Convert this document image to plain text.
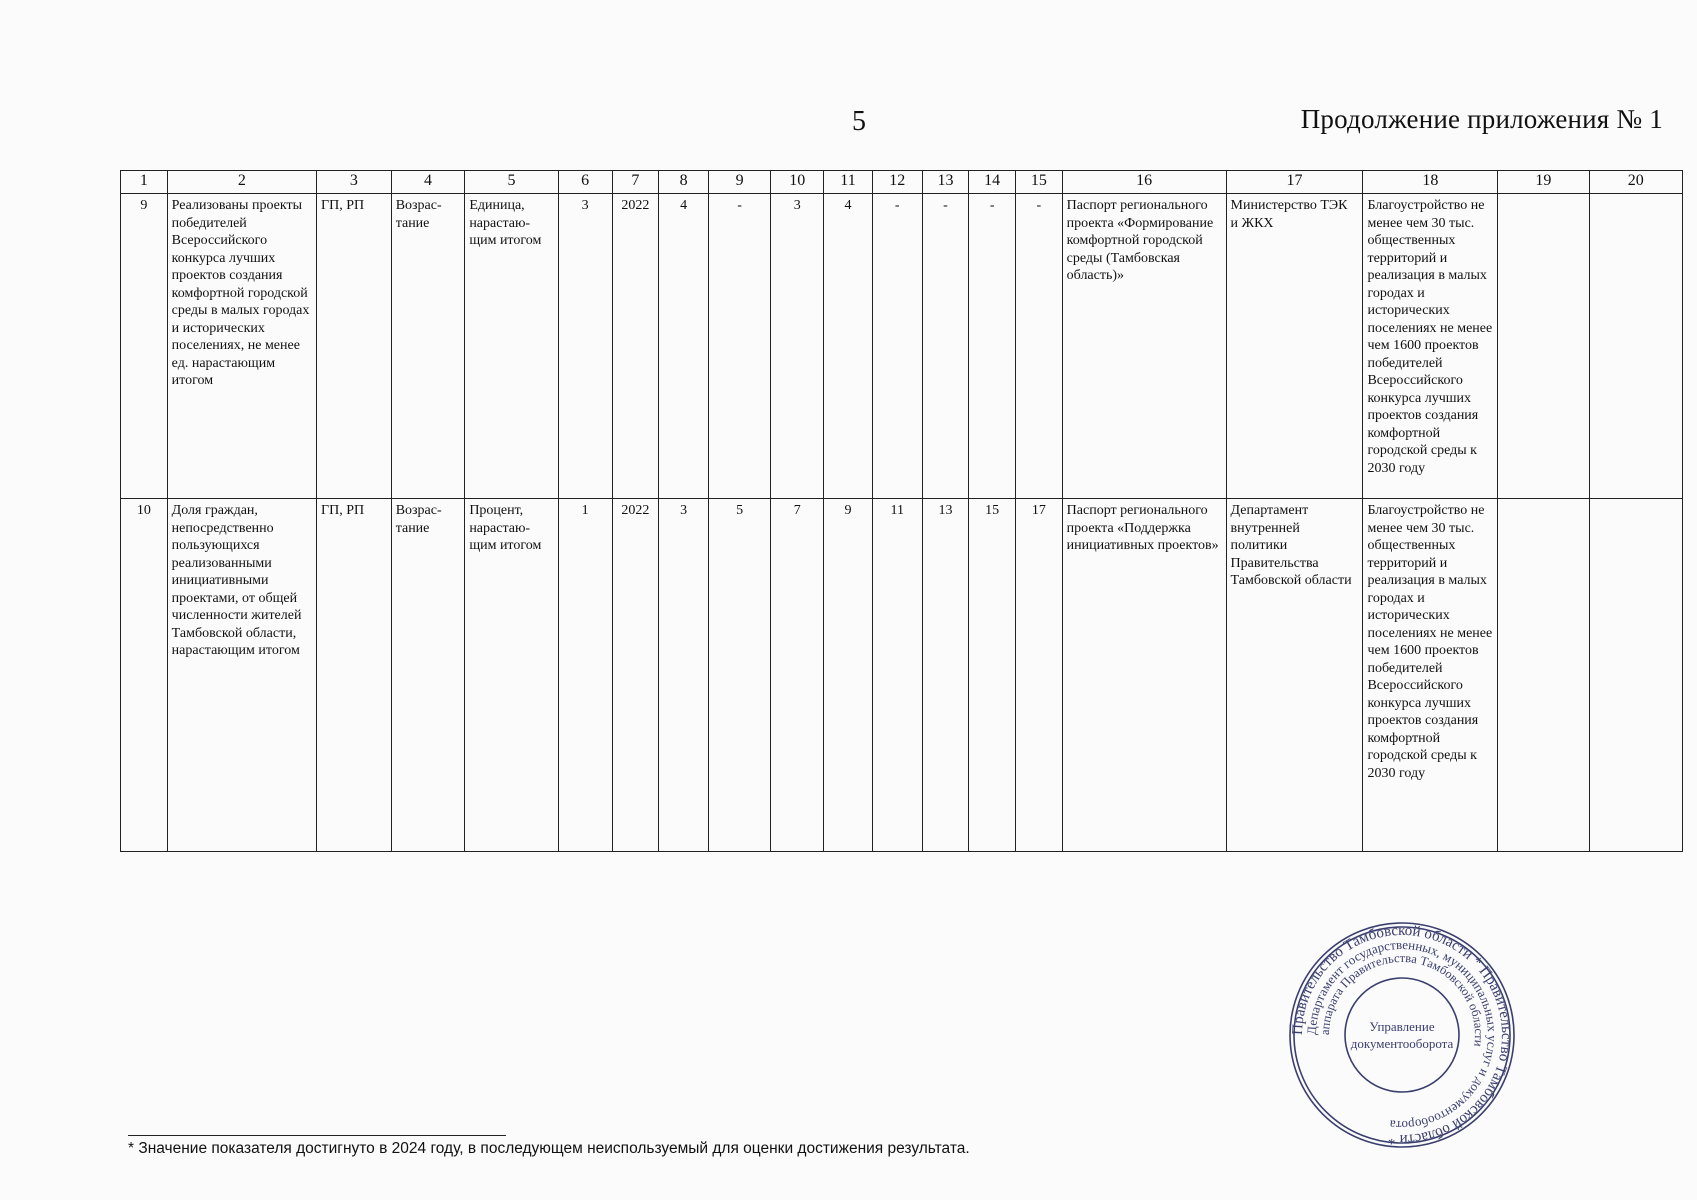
5	Продолжение приложения № 1
1	2	3	4	5	6	7	8	9	10	11	12	13	14	15	16	17	18	19	20
9	Реализованы проекты победителей Всероссийского конкурса лучших проектов создания комфортной городской среды в малых городах и исторических поселениях, не менее ед. нарастающим итогом	ГП, РП	Возрас-тание	Единица, нарастаю-щим итогом	3	2022	4	-	3	4	-	-	-	-	Паспорт регионального проекта «Формирование комфортной городской среды (Тамбовская область)»	Министерство ТЭК и ЖКХ	Благоустройство не менее чем 30 тыс. общественных территорий и реализация в малых городах и исторических поселениях не менее чем 1600 проектов победителей Всероссийского конкурса лучших проектов создания комфортной городской среды к 2030 году		
10	Доля граждан, непосредственно пользующихся реализованными инициативными проектами, от общей численности жителей Тамбовской области, нарастающим итогом	ГП, РП	Возрас-тание	Процент, нарастаю-щим итогом	1	2022	3	5	7	9	11	13	15	17	Паспорт регионального проекта «Поддержка инициативных проектов»	Департамент внутренней политики Правительства Тамбовской области	Благоустройство не менее чем 30 тыс. общественных территорий и реализация в малых городах и исторических поселениях не менее чем 1600 проектов победителей Всероссийского конкурса лучших проектов создания комфортной городской среды к 2030 году		
* Значение показателя достигнуто в 2024 году, в последующем неиспользуемый для оценки достижения результата.
Правительство Тамбовской области * Правительство Тамбовской области *
Департамент государственных, муниципальных услуг и документооборота
аппарата Правительства Тамбовской области
Управление
документооборота
